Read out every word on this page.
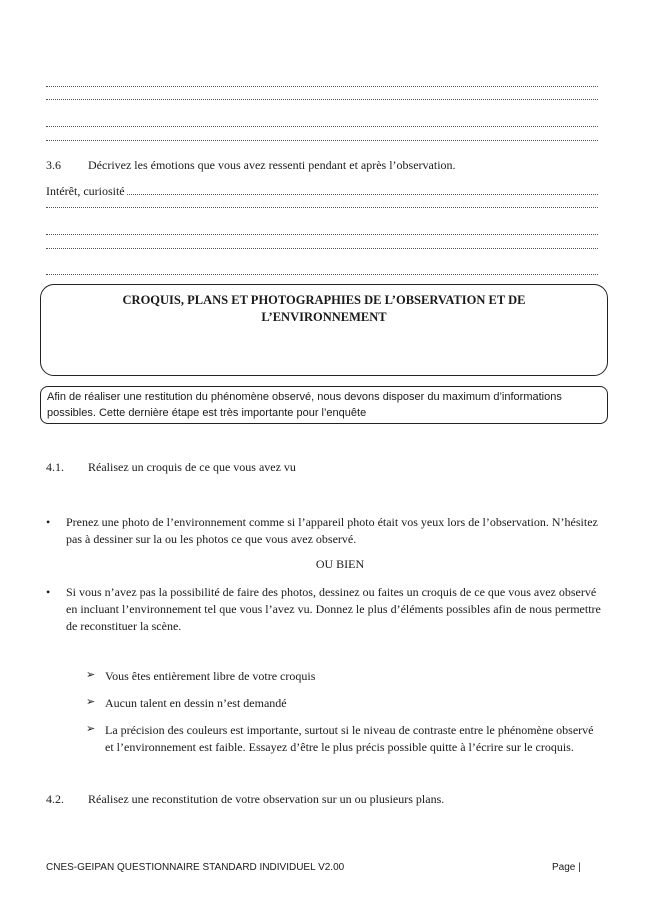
3.6 Décrivez les émotions que vous avez ressenti pendant et après l’observation.
Intérêt, curiosité
CROQUIS, PLANS ET PHOTOGRAPHIES DE L’OBSERVATION ET DE
L’ENVIRONNEMENT
Afin de réaliser une restitution du phénomène observé, nous devons disposer du maximum d’informations
possibles. Cette dernière étape est très importante pour l’enquête
4.1. Réalisez un croquis de ce que vous avez vu
• Prenez une photo de l’environnement comme si l’appareil photo était vos yeux lors de l’observation. N’hésitez
pas à dessiner sur la ou les photos ce que vous avez observé.
OU BIEN
• Si vous n’avez pas la possibilité de faire des photos, dessinez ou faites un croquis de ce que vous avez observé
en incluant l’environnement tel que vous l’avez vu. Donnez le plus d’éléments possibles afin de nous permettre
de reconstituer la scène.
➢ Vous êtes entièrement libre de votre croquis
➢ Aucun talent en dessin n’est demandé
➢ La précision des couleurs est importante, surtout si le niveau de contraste entre le phénomène observé
et l’environnement est faible. Essayez d’être le plus précis possible quitte à l’écrire sur le croquis.
4.2. Réalisez une reconstitution de votre observation sur un ou plusieurs plans.
CNES-GEIPAN QUESTIONNAIRE STANDARD INDIVIDUEL V2.00	Page |
